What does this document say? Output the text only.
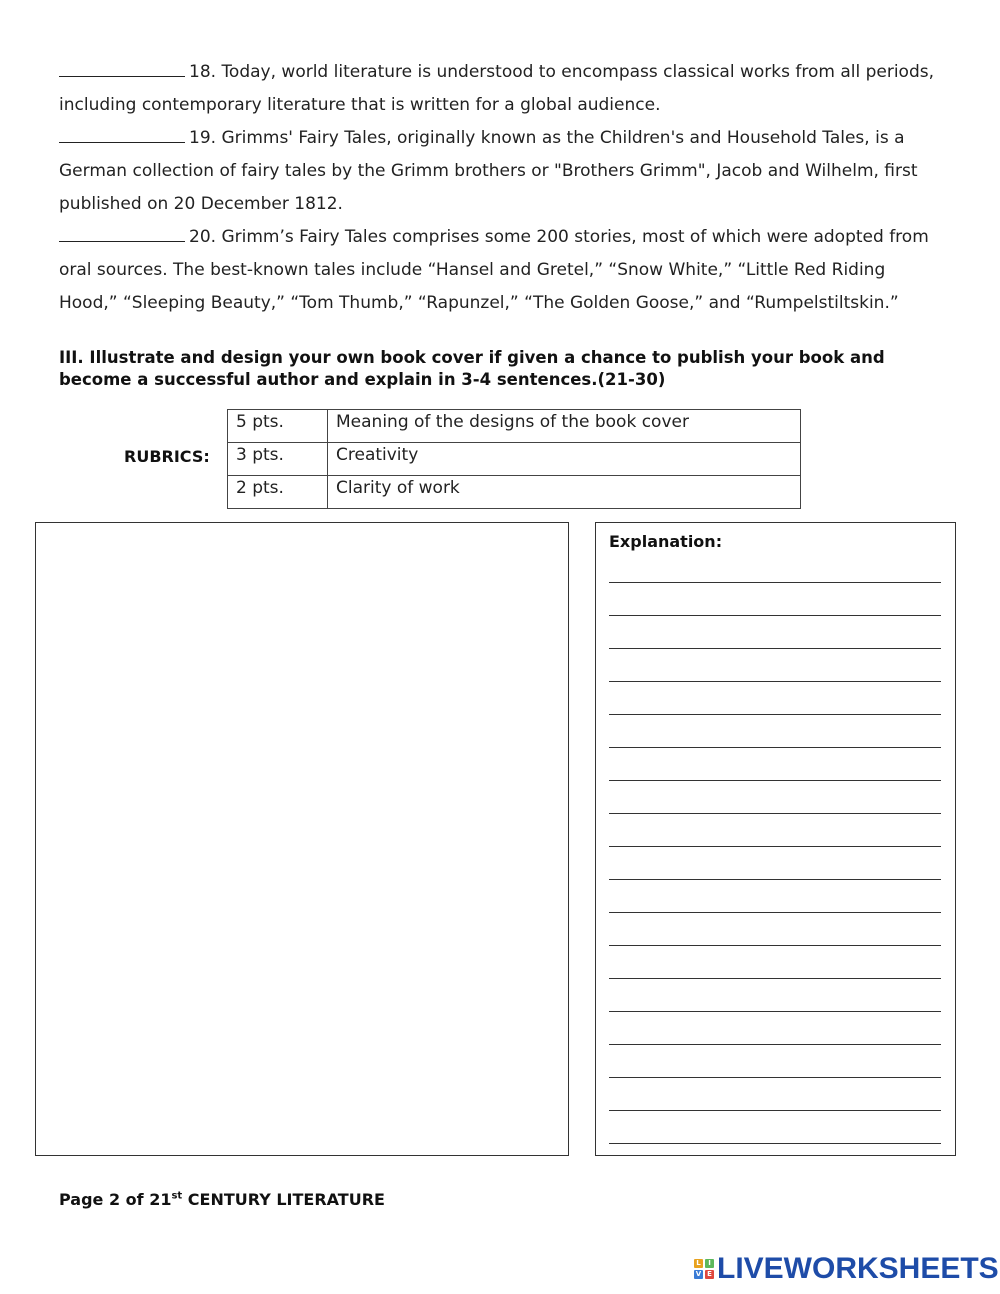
18. Today, world literature is understood to encompass classical works from all periods, including contemporary literature that is written for a global audience.

19. Grimms' Fairy Tales, originally known as the Children's and Household Tales, is a German collection of fairy tales by the Grimm brothers or "Brothers Grimm", Jacob and Wilhelm, first published on 20 December 1812.

20. Grimm’s Fairy Tales comprises some 200 stories, most of which were adopted from oral sources. The best-known tales include “Hansel and Gretel,” “Snow White,” “Little Red Riding Hood,” “Sleeping Beauty,” “Tom Thumb,” “Rapunzel,” “The Golden Goose,” and “Rumpelstiltskin.”

III. Illustrate and design your own book cover if given a chance to publish your book and become a successful author and explain in 3-4 sentences.(21-30)
RUBRICS:
5 pts.	Meaning of the designs of the book cover
3 pts.	Creativity
2 pts.	Clarity of work
Explanation:
Page 2 of 21st CENTURY LITERATURE
L	I
V E LIVEWORKSHEETS
